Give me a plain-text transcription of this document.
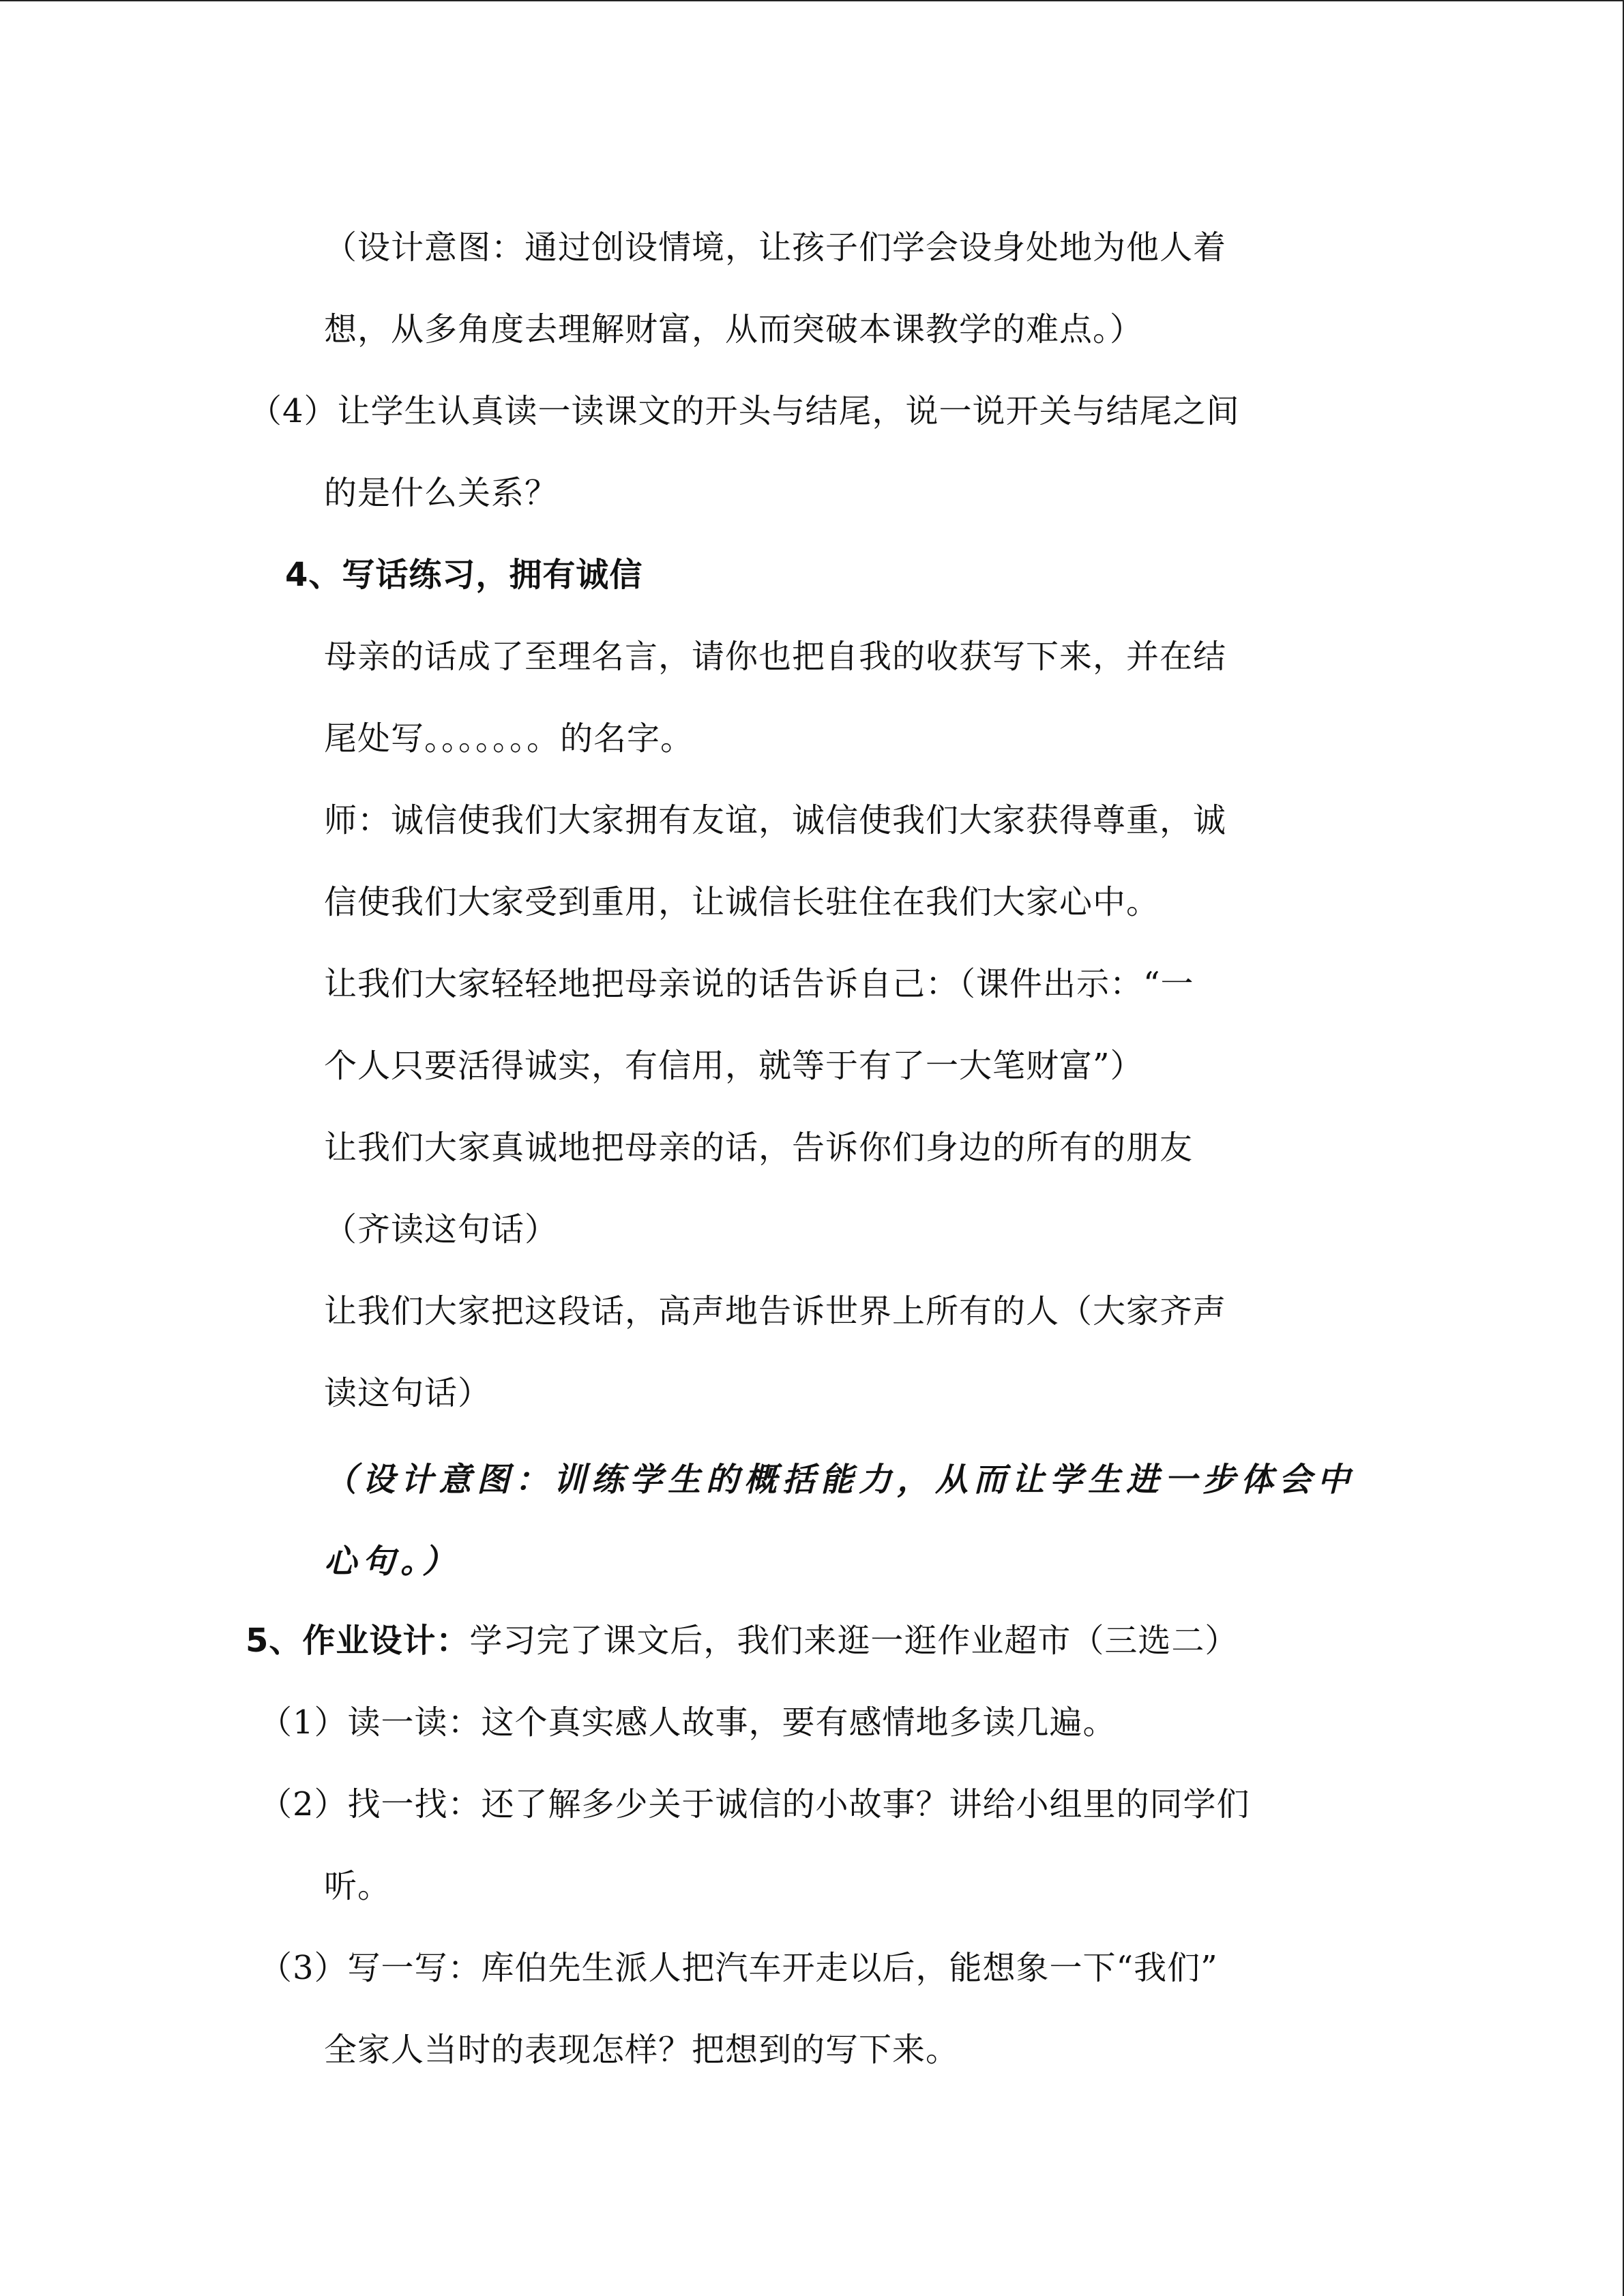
（设计意图：通过创设情境，让孩子们学会设身处地为他人着
想，从多角度去理解财富，从而突破本课教学的难点。）
（4）让学生认真读一读课文的开头与结尾，说一说开关与结尾之间
的是什么关系？
4、写话练习，拥有诚信
母亲的话成了至理名言，请你也把自我的收获写下来，并在结
尾处写。。。。。。。的名字。
师：诚信使我们大家拥有友谊，诚信使我们大家获得尊重，诚
信使我们大家受到重用，让诚信长驻住在我们大家心中。
让我们大家轻轻地把母亲说的话告诉自己：（课件出示：“一
个人只要活得诚实，有信用，就等于有了一大笔财富”）
让我们大家真诚地把母亲的话，告诉你们身边的所有的朋友
（齐读这句话）
让我们大家把这段话，高声地告诉世界上所有的人（大家齐声
读这句话）
（设计意图：训练学生的概括能力，从而让学生进一步体会中
心句。）
5、作业设计：学习完了课文后，我们来逛一逛作业超市（三选二）
（1）读一读：这个真实感人故事，要有感情地多读几遍。
（2）找一找：还了解多少关于诚信的小故事？讲给小组里的同学们
听。
（3）写一写：库伯先生派人把汽车开走以后，能想象一下“我们”
全家人当时的表现怎样？把想到的写下来。
